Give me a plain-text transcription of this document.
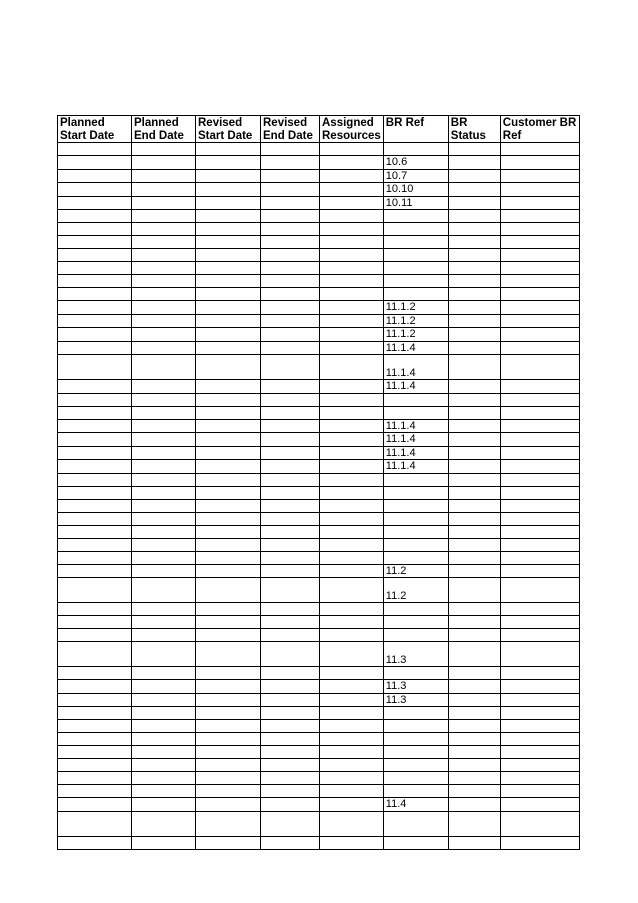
Planned Start Date	Planned End Date	Revised Start Date	Revised End Date	Assigned Resources	BR Ref	BR Status	Customer BR Ref

					10.6		
					10.7		
					10.10		
					10.11		

					11.1.2		
					11.1.2		
					11.1.2		
					11.1.4		
					11.1.4		
					11.1.4		

					11.1.4		
					11.1.4		
					11.1.4		
					11.1.4		

					11.2		
					11.2		

					11.3		

					11.3		
					11.3		

					11.4		
